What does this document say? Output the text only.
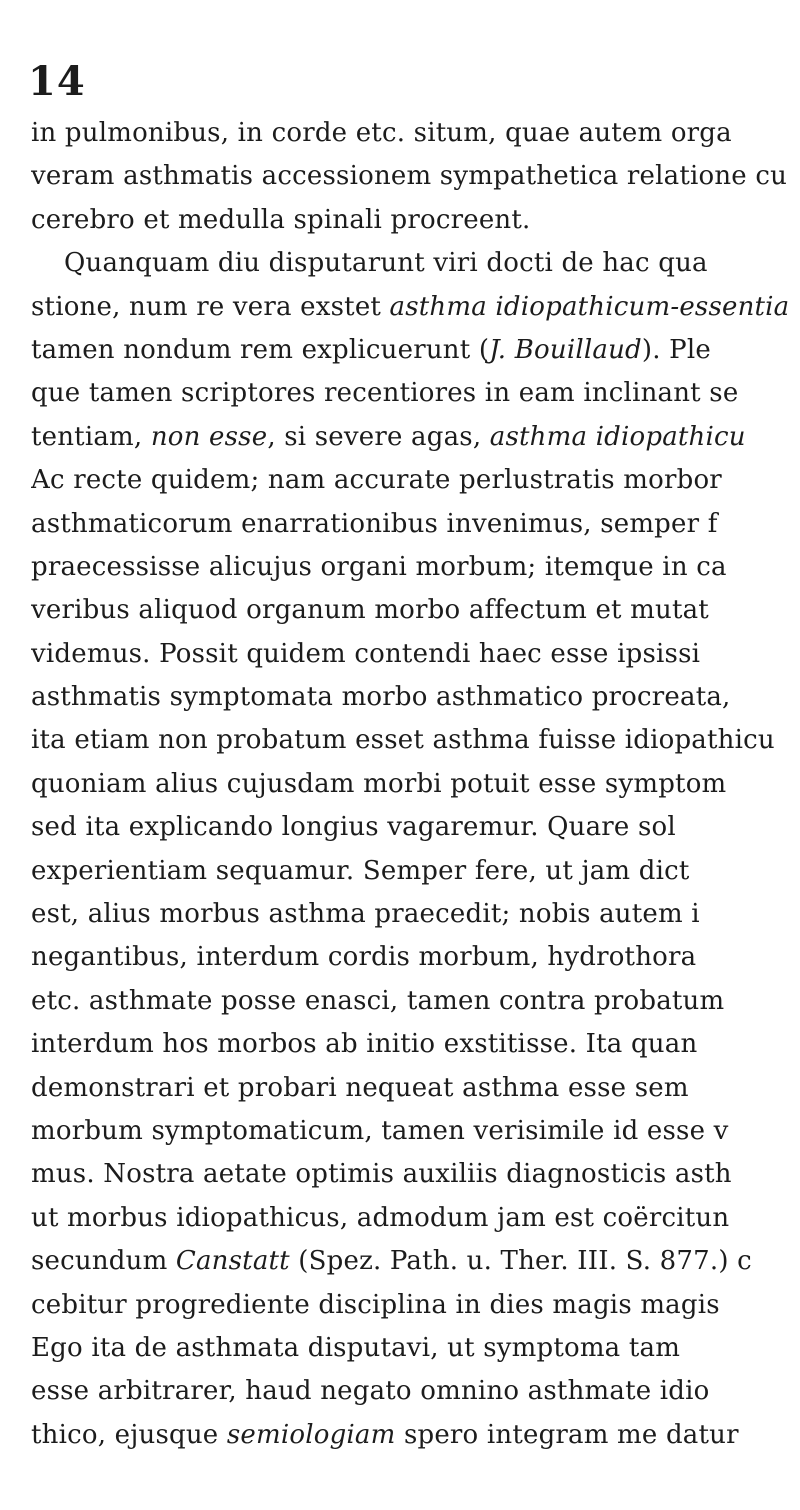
14
in pulmonibus, in corde etc. situm, quae autem orga
veram asthmatis accessionem sympathetica relatione cu
cerebro et medulla spinali procreent.
Quanquam diu disputarunt viri docti de hac qua
stione, num re vera exstet asthma idiopathicum-essentia
tamen nondum rem explicuerunt (J. Bouillaud). Ple
que tamen scriptores recentiores in eam inclinant se
tentiam, non esse, si severe agas, asthma idiopathicu
Ac recte quidem; nam accurate perlustratis morbor
asthmaticorum enarrationibus invenimus, semper f
praecessisse alicujus organi morbum; itemque in ca
veribus aliquod organum morbo affectum et mutat
videmus. Possit quidem contendi haec esse ipsissi
asthmatis symptomata morbo asthmatico procreata,
ita etiam non probatum esset asthma fuisse idiopathicu
quoniam alius cujusdam morbi potuit esse symptom
sed ita explicando longius vagaremur. Quare sol
experientiam sequamur. Semper fere, ut jam dict
est, alius morbus asthma praecedit; nobis autem i
negantibus, interdum cordis morbum, hydrothora
etc. asthmate posse enasci, tamen contra probatum
interdum hos morbos ab initio exstitisse. Ita quan
demonstrari et probari nequeat asthma esse sem
morbum symptomaticum, tamen verisimile id esse v
mus. Nostra aetate optimis auxiliis diagnosticis asth
ut morbus idiopathicus, admodum jam est coërcitun
secundum Canstatt (Spez. Path. u. Ther. III. S. 877.) c
cebitur progrediente disciplina in dies magis magis
Ego ita de asthmata disputavi, ut symptoma tam
esse arbitrarer, haud negato omnino asthmate idio
thico, ejusque semiologiam spero integram me datur
